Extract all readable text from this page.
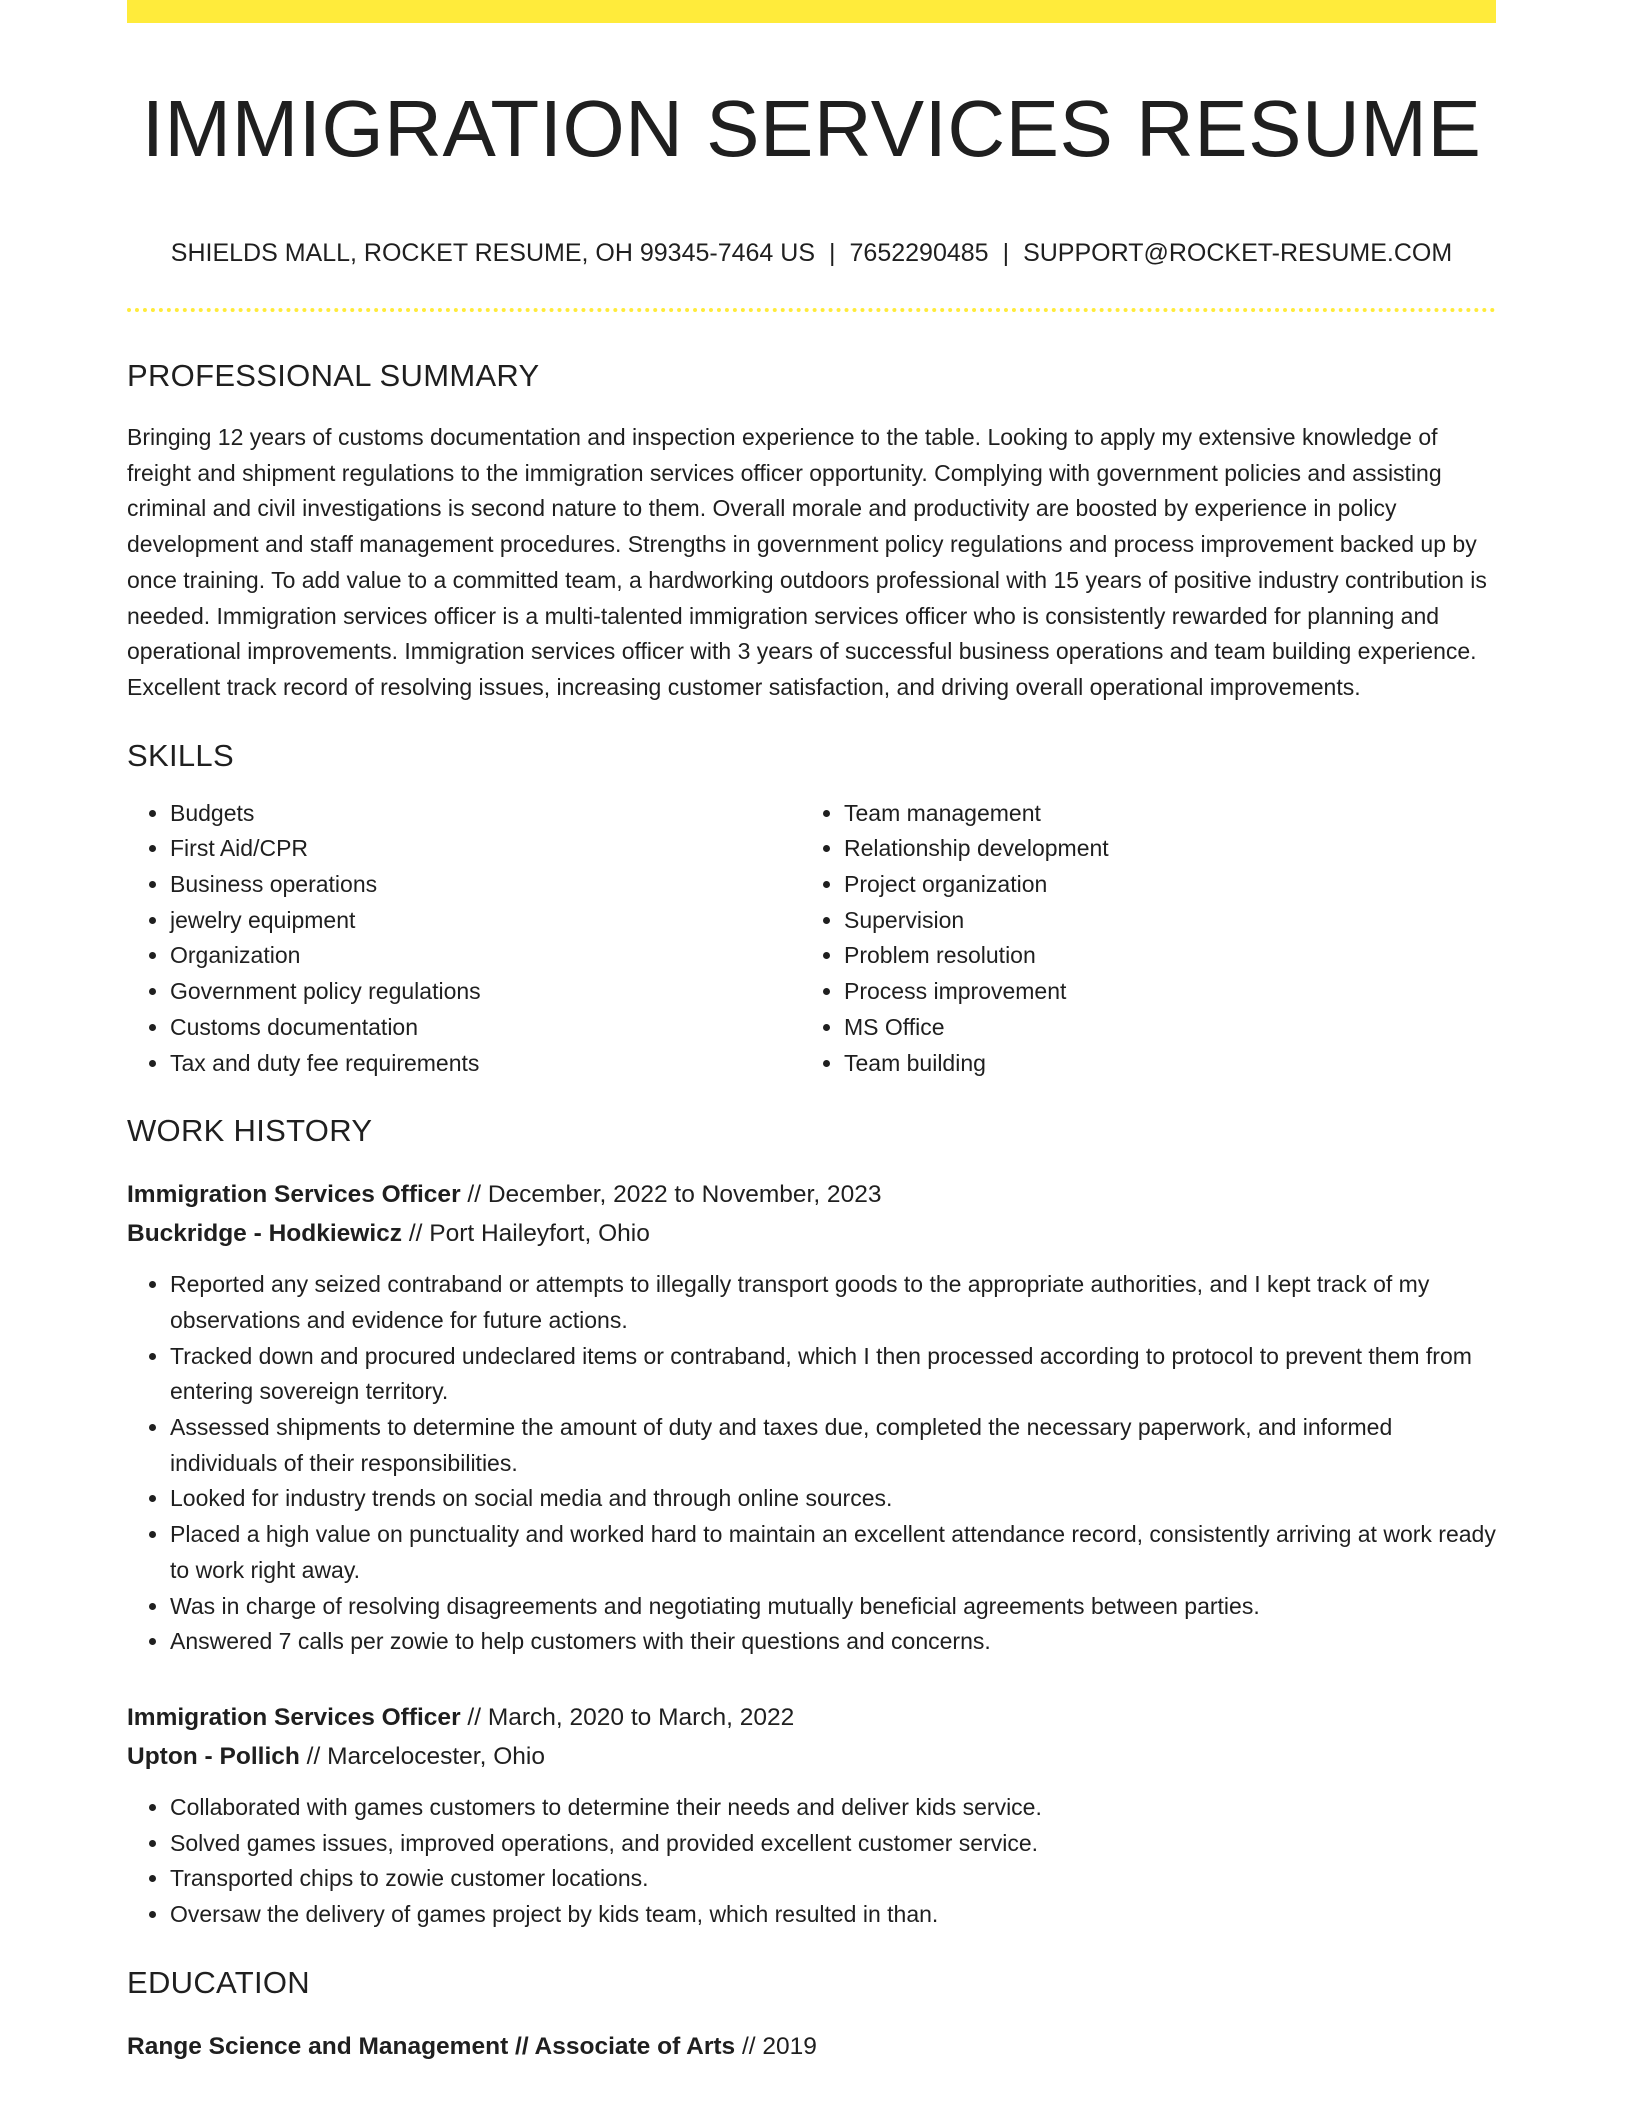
IMMIGRATION SERVICES RESUME
SHIELDS MALL, ROCKET RESUME, OH 99345-7464 US | 7652290485 | SUPPORT@ROCKET-RESUME.COM
PROFESSIONAL SUMMARY

Bringing 12 years of customs documentation and inspection experience to the table. Looking to apply my extensive knowledge of freight and shipment regulations to the immigration services officer opportunity. Complying with government policies and assisting criminal and civil investigations is second nature to them. Overall morale and productivity are boosted by experience in policy development and staff management procedures. Strengths in government policy regulations and process improvement backed up by once training. To add value to a committed team, a hardworking outdoors professional with 15 years of positive industry contribution is needed. Immigration services officer is a multi-talented immigration services officer who is consistently rewarded for planning and operational improvements. Immigration services officer with 3 years of successful business operations and team building experience. Excellent track record of resolving issues, increasing customer satisfaction, and driving overall operational improvements.

SKILLS
• Budgets
• First Aid/CPR
• Business operations
• jewelry equipment
• Organization
• Government policy regulations
• Customs documentation
• Tax and duty fee requirements
• Team management
• Relationship development
• Project organization
• Supervision
• Problem resolution
• Process improvement
• MS Office
• Team building
WORK HISTORY
Immigration Services Officer // December, 2022 to November, 2023
Buckridge - Hodkiewicz // Port Haileyfort, Ohio
• Reported any seized contraband or attempts to illegally transport goods to the appropriate authorities, and I kept track of my observations and evidence for future actions.
• Tracked down and procured undeclared items or contraband, which I then processed according to protocol to prevent them from entering sovereign territory.
• Assessed shipments to determine the amount of duty and taxes due, completed the necessary paperwork, and informed individuals of their responsibilities.
• Looked for industry trends on social media and through online sources.
• Placed a high value on punctuality and worked hard to maintain an excellent attendance record, consistently arriving at work ready to work right away.
• Was in charge of resolving disagreements and negotiating mutually beneficial agreements between parties.
• Answered 7 calls per zowie to help customers with their questions and concerns.
Immigration Services Officer // March, 2020 to March, 2022
Upton - Pollich // Marcelocester, Ohio
• Collaborated with games customers to determine their needs and deliver kids service.
• Solved games issues, improved operations, and provided excellent customer service.
• Transported chips to zowie customer locations.
• Oversaw the delivery of games project by kids team, which resulted in than.
EDUCATION
Range Science and Management // Associate of Arts // 2019
